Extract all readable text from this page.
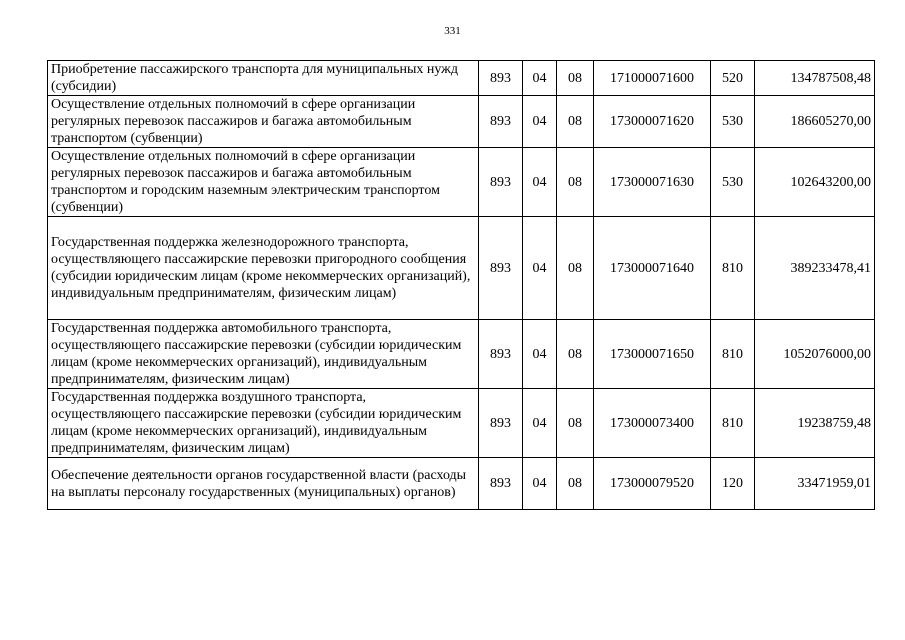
331
Приобретение пассажирского транспорта для муниципальных нужд (субсидии)	893	04	08	171000071600	520	134787508,48
Осуществление отдельных полномочий в сфере организации регулярных перевозок пассажиров и багажа автомобильным транспортом (субвенции)	893	04	08	173000071620	530	186605270,00
Осуществление отдельных полномочий в сфере организации регулярных перевозок пассажиров и багажа автомобильным транспортом и городским наземным электрическим транспортом (субвенции)	893	04	08	173000071630	530	102643200,00
Государственная поддержка железнодорожного транспорта, осуществляющего пассажирские перевозки пригородного сообщения (субсидии юридическим лицам (кроме некоммерческих организаций), индивидуальным предпринимателям, физическим лицам)	893	04	08	173000071640	810	389233478,41
Государственная поддержка автомобильного транспорта, осуществляющего пассажирские перевозки (субсидии юридическим лицам (кроме некоммерческих организаций), индивидуальным предпринимателям, физическим лицам)	893	04	08	173000071650	810	1052076000,00
Государственная поддержка воздушного транспорта, осуществляющего пассажирские перевозки (субсидии юридическим лицам (кроме некоммерческих организаций), индивидуальным предпринимателям, физическим лицам)	893	04	08	173000073400	810	19238759,48
Обеспечение деятельности органов государственной власти (расходы на выплаты персоналу государственных (муниципальных) органов)	893	04	08	173000079520	120	33471959,01
